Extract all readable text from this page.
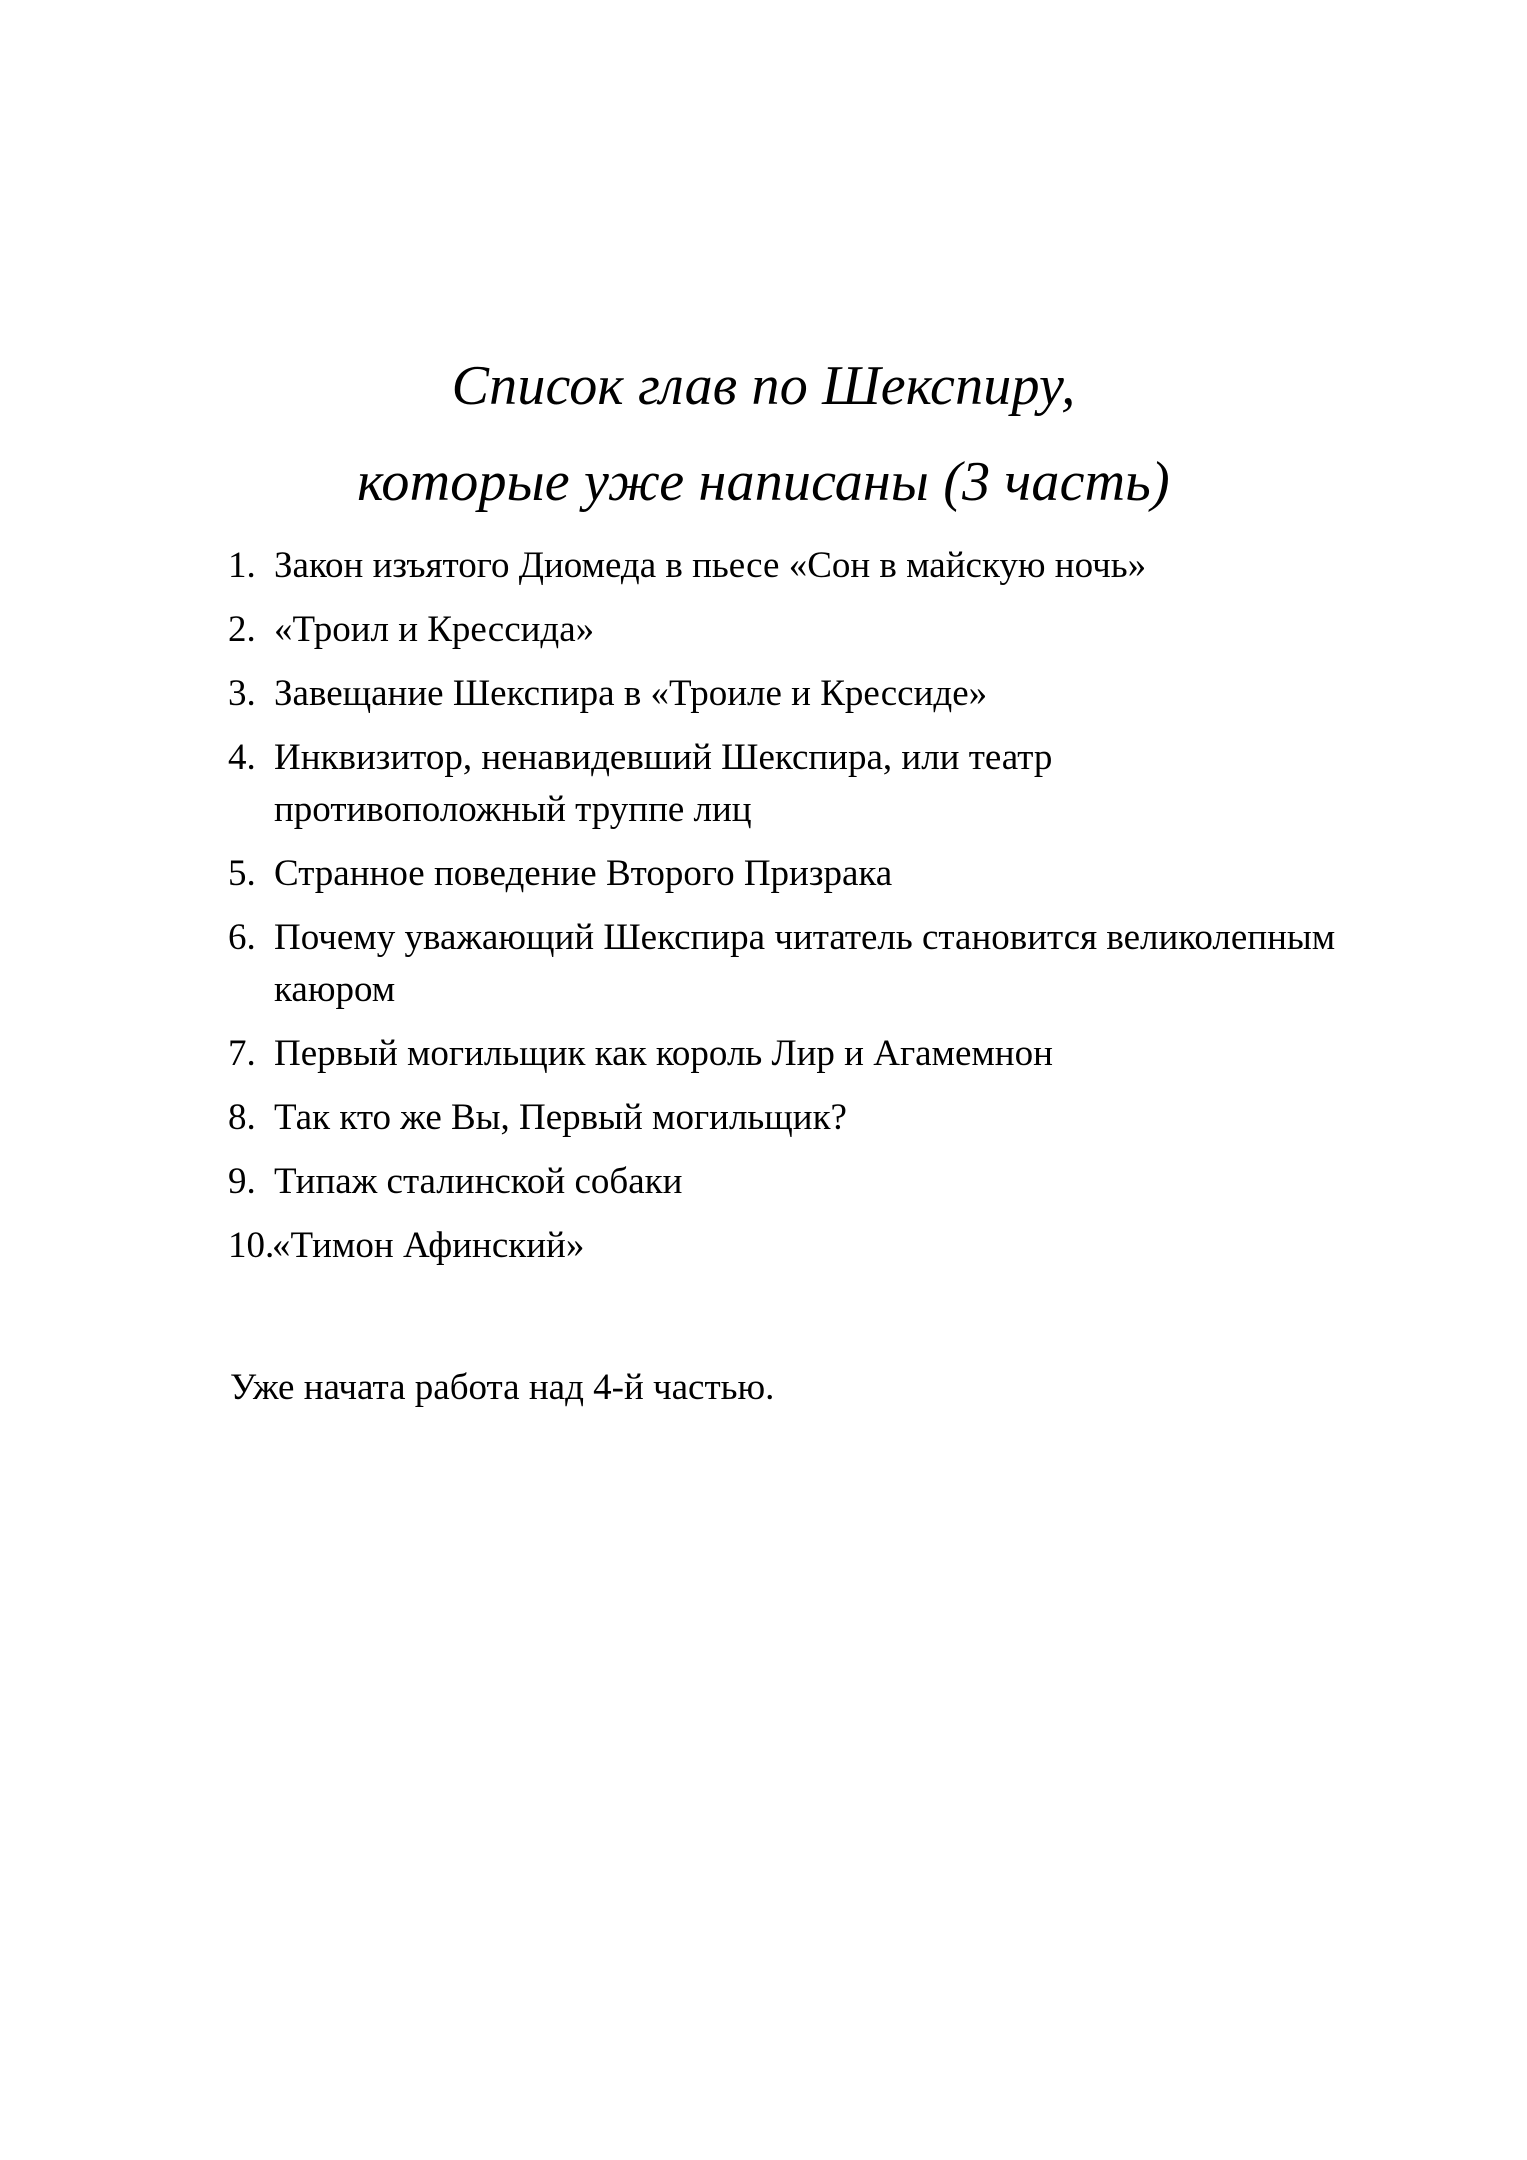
Список глав по Шекспиру,
которые уже написаны (3 часть)
1. Закон изъятого Диомеда в пьесе «Сон в майскую ночь»
2. «Троил и Крессида»
3. Завещание Шекспира в «Троиле и Крессиде»
4. Инквизитор, ненавидевший Шекспира, или театр противоположный труппе лиц
5. Странное поведение Второго Призрака
6. Почему уважающий Шекспира читатель становится великолепным каюром
7. Первый могильщик как король Лир и Агамемнон
8. Так кто же Вы, Первый могильщик?
9. Типаж сталинской собаки
10.
«Тимон Афинский»

Уже начата работа над 4-й частью.
